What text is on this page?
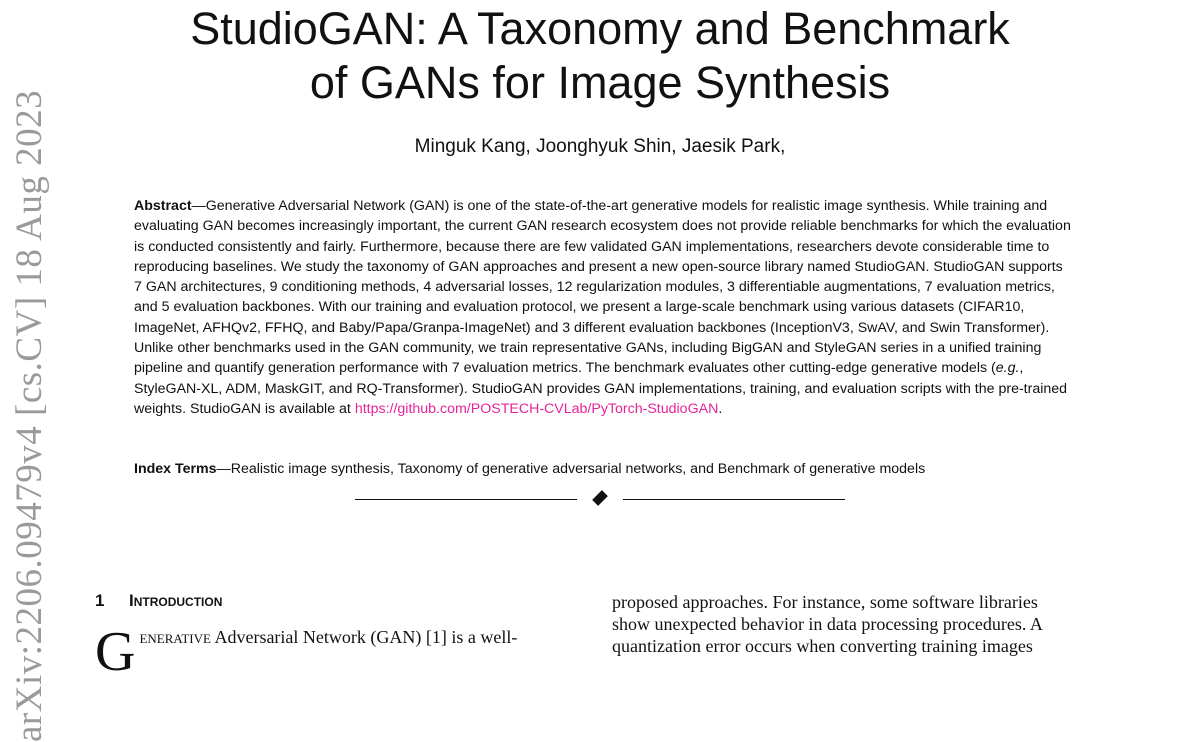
StudioGAN: A Taxonomy and Benchmark
of GANs for Image Synthesis
Minguk Kang, Joonghyuk Shin, Jaesik Park,

Abstract—Generative Adversarial Network (GAN) is one of the state-of-the-art generative models for realistic image synthesis. While training and evaluating GAN becomes increasingly important, the current GAN research ecosystem does not provide reliable benchmarks for which the evaluation is conducted consistently and fairly. Furthermore, because there are few validated GAN implementations, researchers devote considerable time to reproducing baselines. We study the taxonomy of GAN approaches and present a new open-source library named StudioGAN. StudioGAN supports 7 GAN architectures, 9 conditioning methods, 4 adversarial losses, 12 regularization modules, 3 differentiable augmentations, 7 evaluation metrics, and 5 evaluation backbones. With our training and evaluation protocol, we present a large-scale benchmark using various datasets (CIFAR10, ImageNet, AFHQv2, FFHQ, and Baby/Papa/Granpa-ImageNet) and 3 different evaluation backbones (InceptionV3, SwAV, and Swin Transformer). Unlike other benchmarks used in the GAN community, we train representative GANs, including BigGAN and StyleGAN series in a unified training pipeline and quantify generation performance with 7 evaluation metrics. The benchmark evaluates other cutting-edge generative models (e.g., StyleGAN-XL, ADM, MaskGIT, and RQ-Transformer). StudioGAN provides GAN implementations, training, and evaluation scripts with the pre-trained weights. StudioGAN is available at https://github.com/POSTECH-CVLab/PyTorch-StudioGAN.

Index Terms—Realistic image synthesis, Taxonomy of generative adversarial networks, and Benchmark of generative models

arXiv:2206.09479v4 [cs.CV] 18 Aug 2023	1 Introduction
Generative Adversarial Network (GAN) [1] is a well-
proposed approaches. For instance, some software libraries
show unexpected behavior in data processing procedures. A
quantization error occurs when converting training images
